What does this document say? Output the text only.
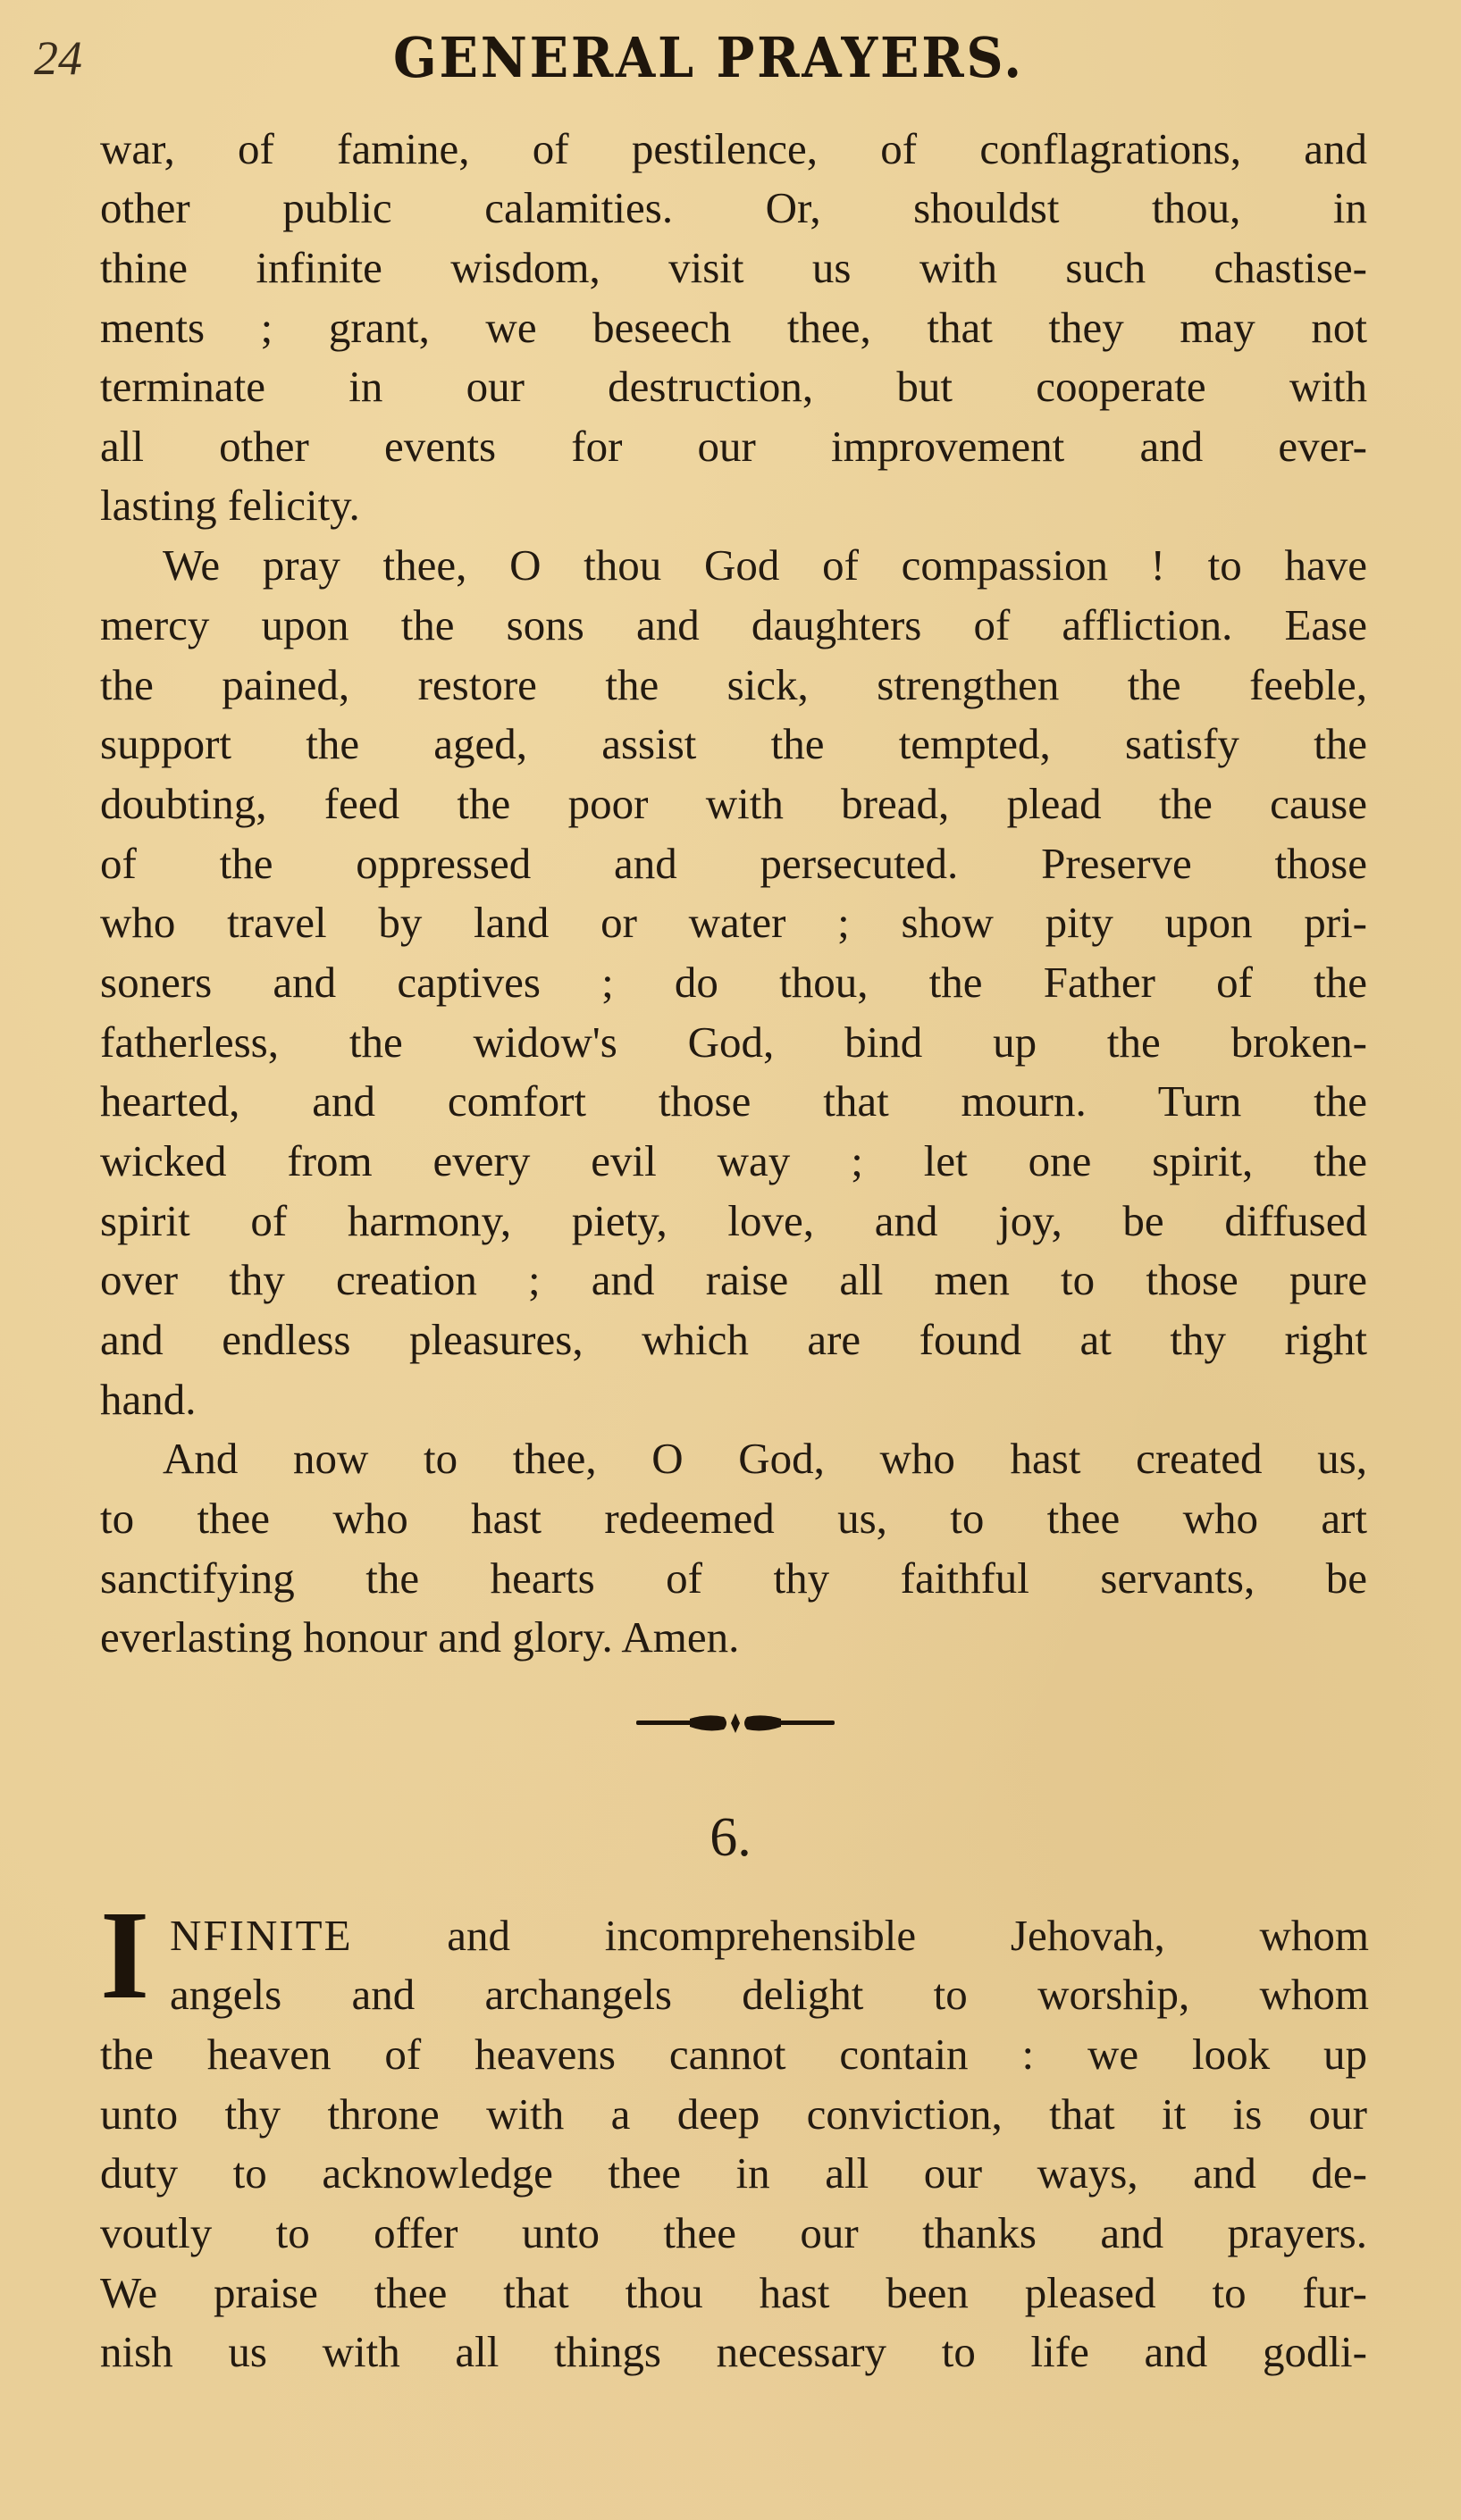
24	GENERAL PRAYERS.
war, of famine, of pestilence, of conflagrations, and
other public calamities. Or, shouldst thou, in
thine infinite wisdom, visit us with such chastise-
ments ; grant, we beseech thee, that they may not
terminate in our destruction, but cooperate with
all other events for our improvement and ever-
lasting felicity.
We pray thee, O thou God of compassion ! to have
mercy upon the sons and daughters of affliction. Ease
the pained, restore the sick, strengthen the feeble,
support the aged, assist the tempted, satisfy the
doubting, feed the poor with bread, plead the cause
of the oppressed and persecuted. Preserve those
who travel by land or water ; show pity upon pri-
soners and captives ; do thou, the Father of the
fatherless, the widow's God, bind up the broken-
hearted, and comfort those that mourn. Turn the
wicked from every evil way ; let one spirit, the
spirit of harmony, piety, love, and joy, be diffused
over thy creation ; and raise all men to those pure
and endless pleasures, which are found at thy right
hand.
And now to thee, O God, who hast created us,
to thee who hast redeemed us, to thee who art
sanctifying the hearts of thy faithful servants, be
everlasting honour and glory. Amen.
6.
I NFINITE and incomprehensible Jehovah, whom
angels and archangels delight to worship, whom
the heaven of heavens cannot contain : we look up
unto thy throne with a deep conviction, that it is our
duty to acknowledge thee in all our ways, and de-
voutly to offer unto thee our thanks and prayers.
We praise thee that thou hast been pleased to fur-
nish us with all things necessary to life and godli-
